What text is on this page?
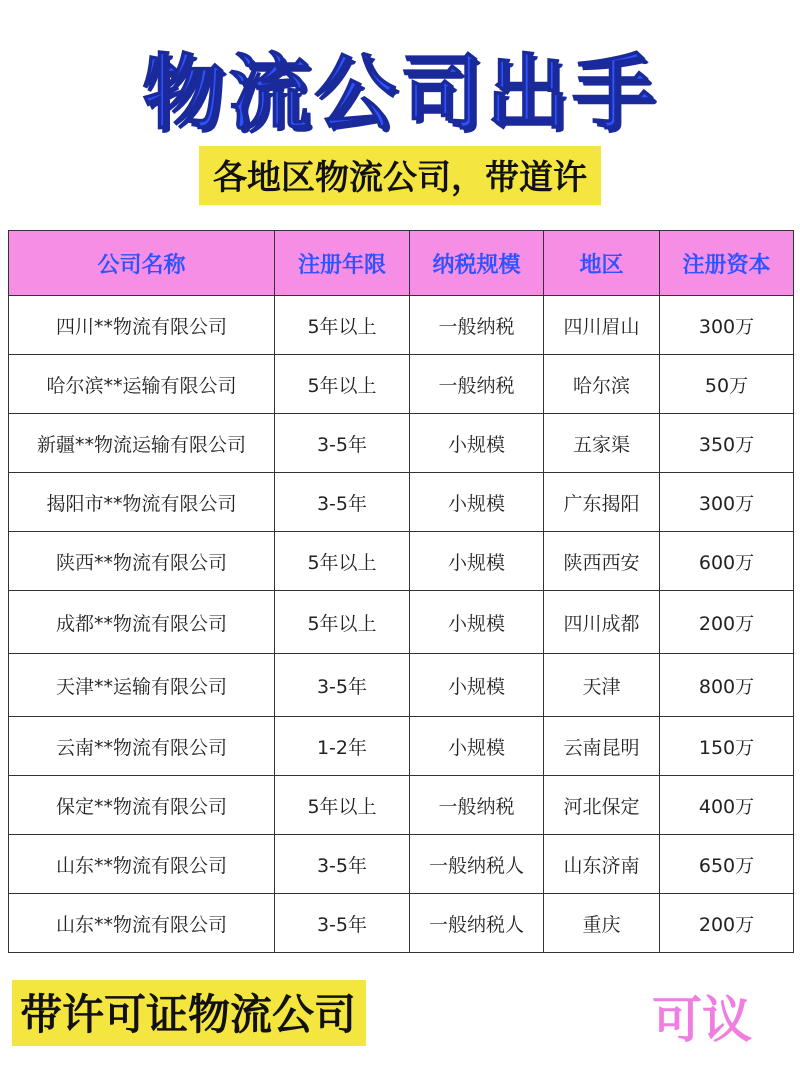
物流公司出手
各地区物流公司，带道许
公司名称	注册年限	纳税规模	地区	注册资本
四川**物流有限公司	5年以上	一般纳税	四川眉山	300万
哈尔滨**运输有限公司	5年以上	一般纳税	哈尔滨	50万
新疆**物流运输有限公司	3-5年	小规模	五家渠	350万
揭阳市**物流有限公司	3-5年	小规模	广东揭阳	300万
陕西**物流有限公司	5年以上	小规模	陕西西安	600万
成都**物流有限公司	5年以上	小规模	四川成都	200万
天津**运输有限公司	3-5年	小规模	天津	800万
云南**物流有限公司	1-2年	小规模	云南昆明	150万
保定**物流有限公司	5年以上	一般纳税	河北保定	400万
山东**物流有限公司	3-5年	一般纳税人	山东济南	650万
山东**物流有限公司	3-5年	一般纳税人	重庆	200万
带许可证物流公司	可议
